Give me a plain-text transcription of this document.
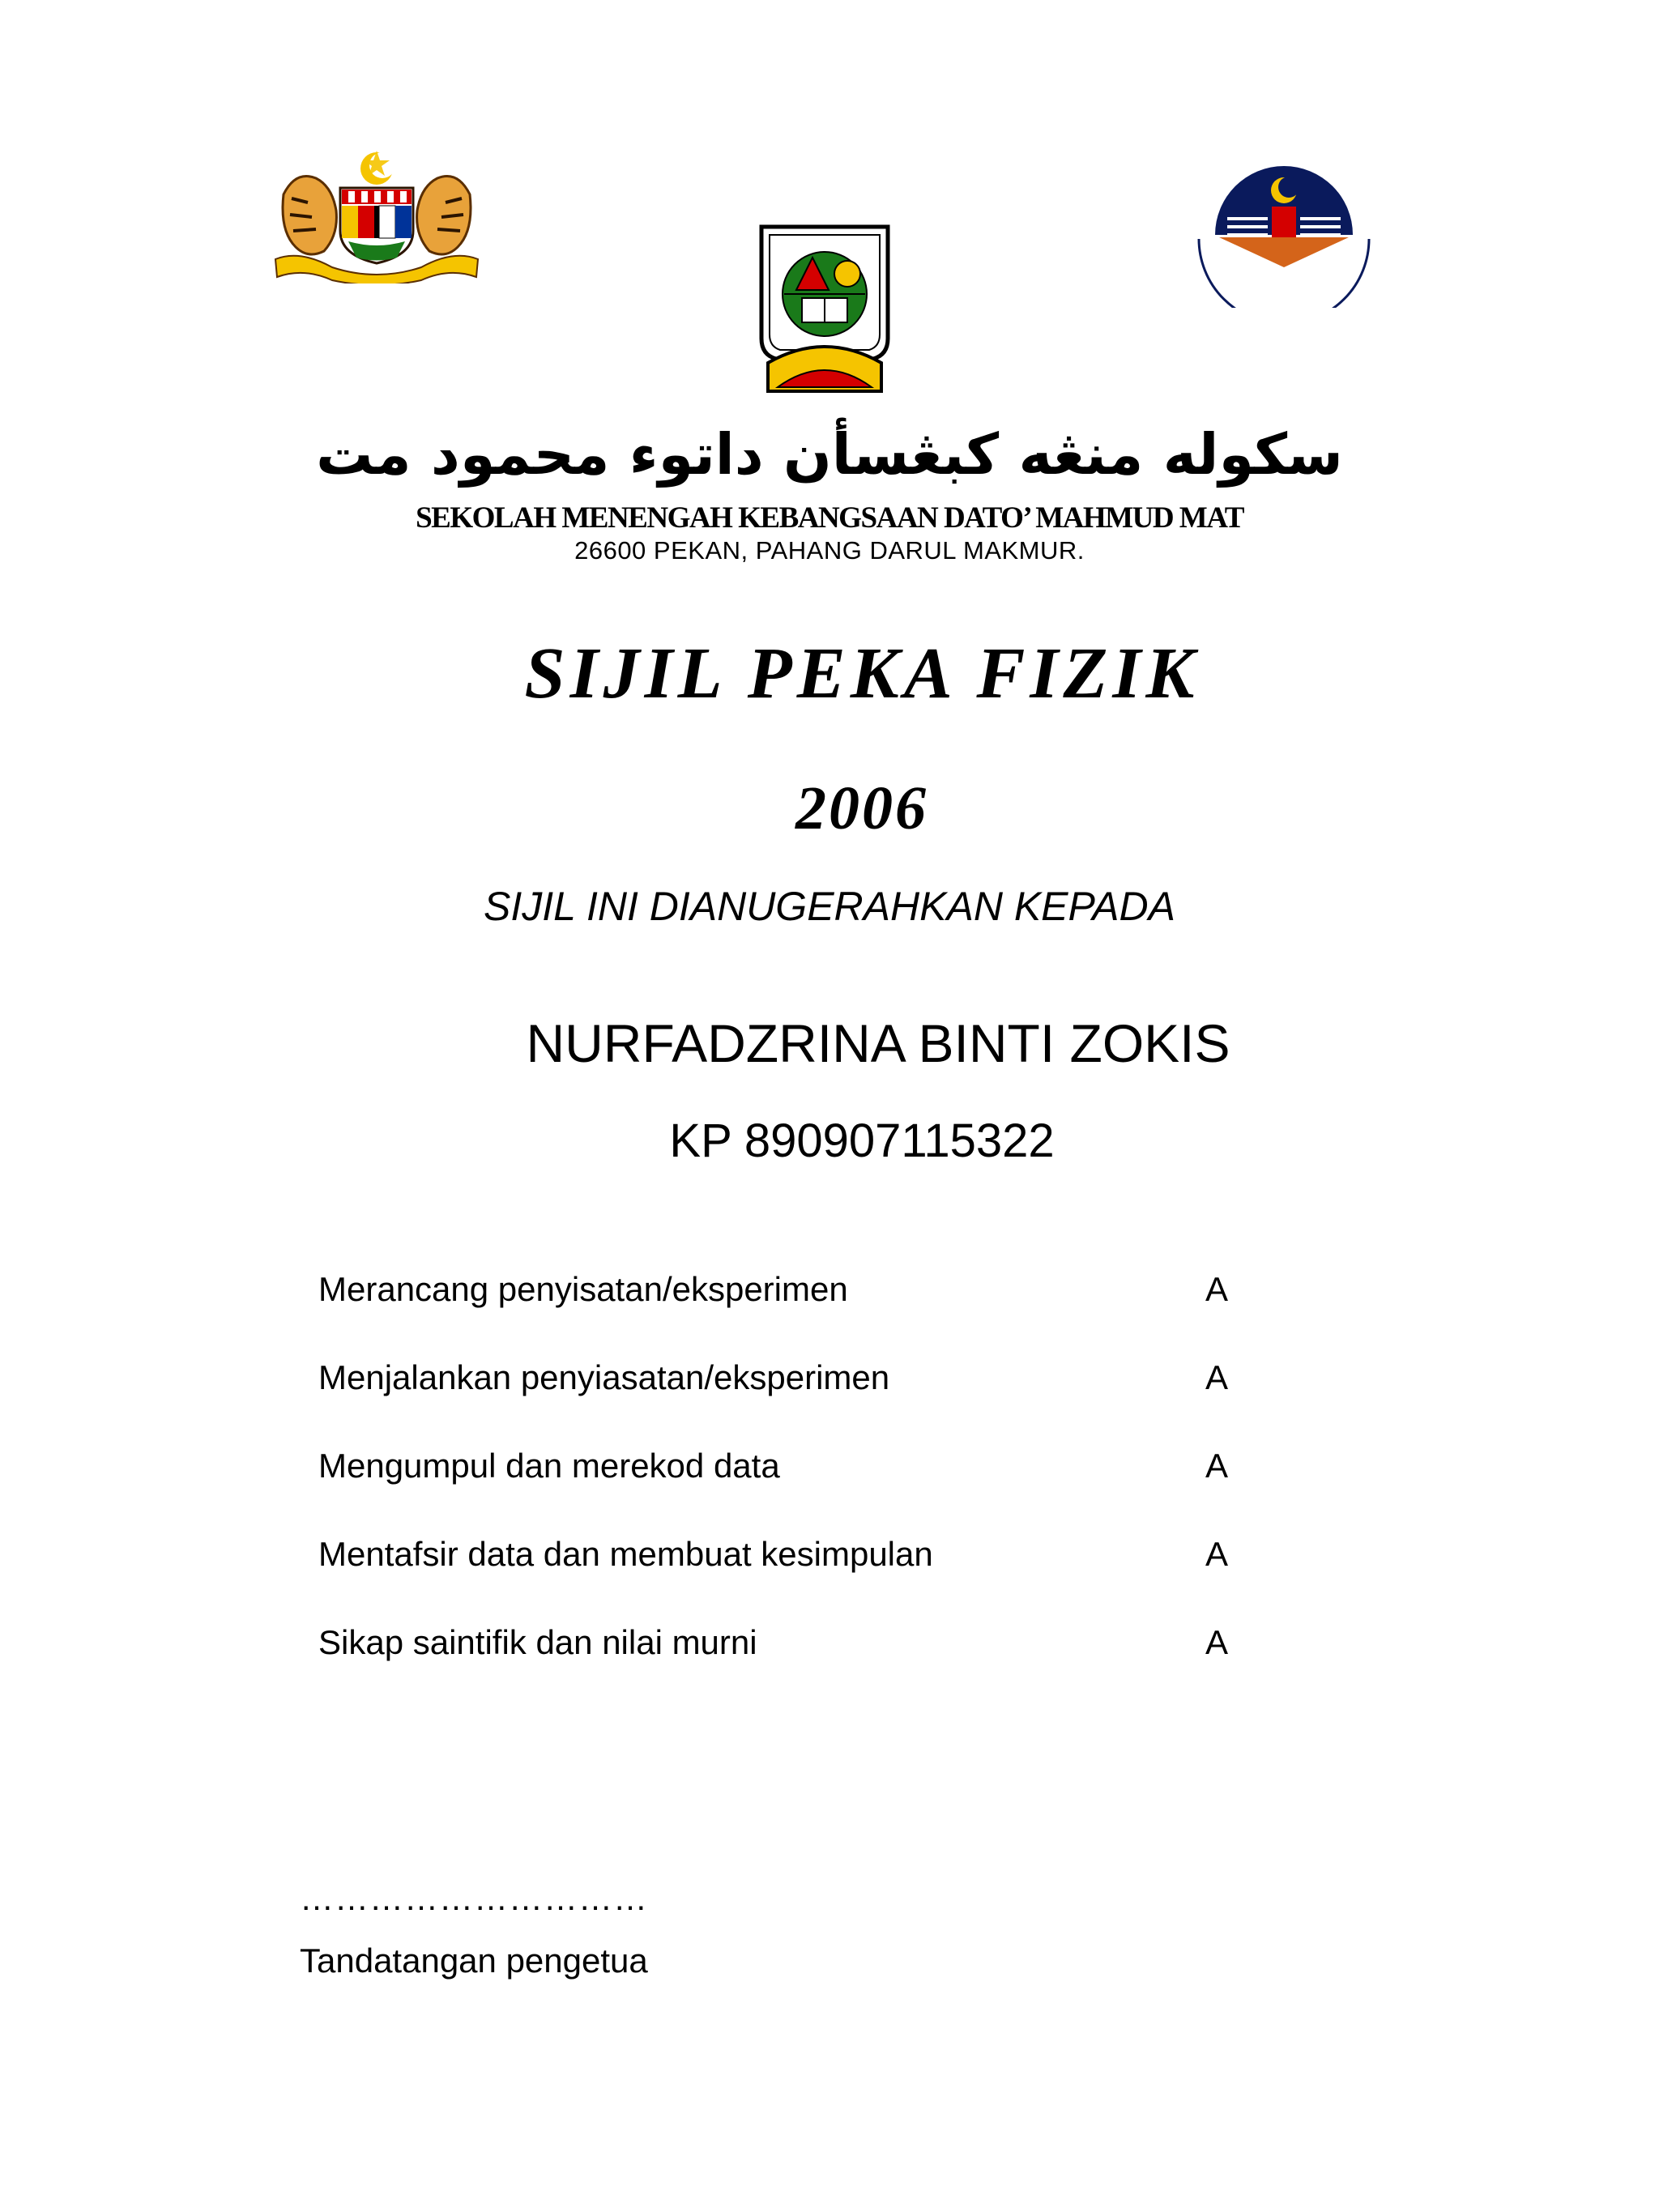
سكوله منڠه كبڠسأن داتوء محمود مت
SEKOLAH MENENGAH KEBANGSAAN DATO’ MAHMUD MAT
26600 PEKAN, PAHANG DARUL MAKMUR.
SIJIL PEKA FIZIK
2006
SIJIL INI DIANUGERAHKAN KEPADA
NURFADZRINA BINTI ZOKIS
KP 890907115322
Merancang penyisatan/eksperimen	A
Menjalankan penyiasatan/eksperimen	A
Mengumpul dan merekod data	A
Mentafsir data dan membuat kesimpulan	A
Sikap saintifik dan nilai murni	A
…………………………
Tandatangan pengetua
